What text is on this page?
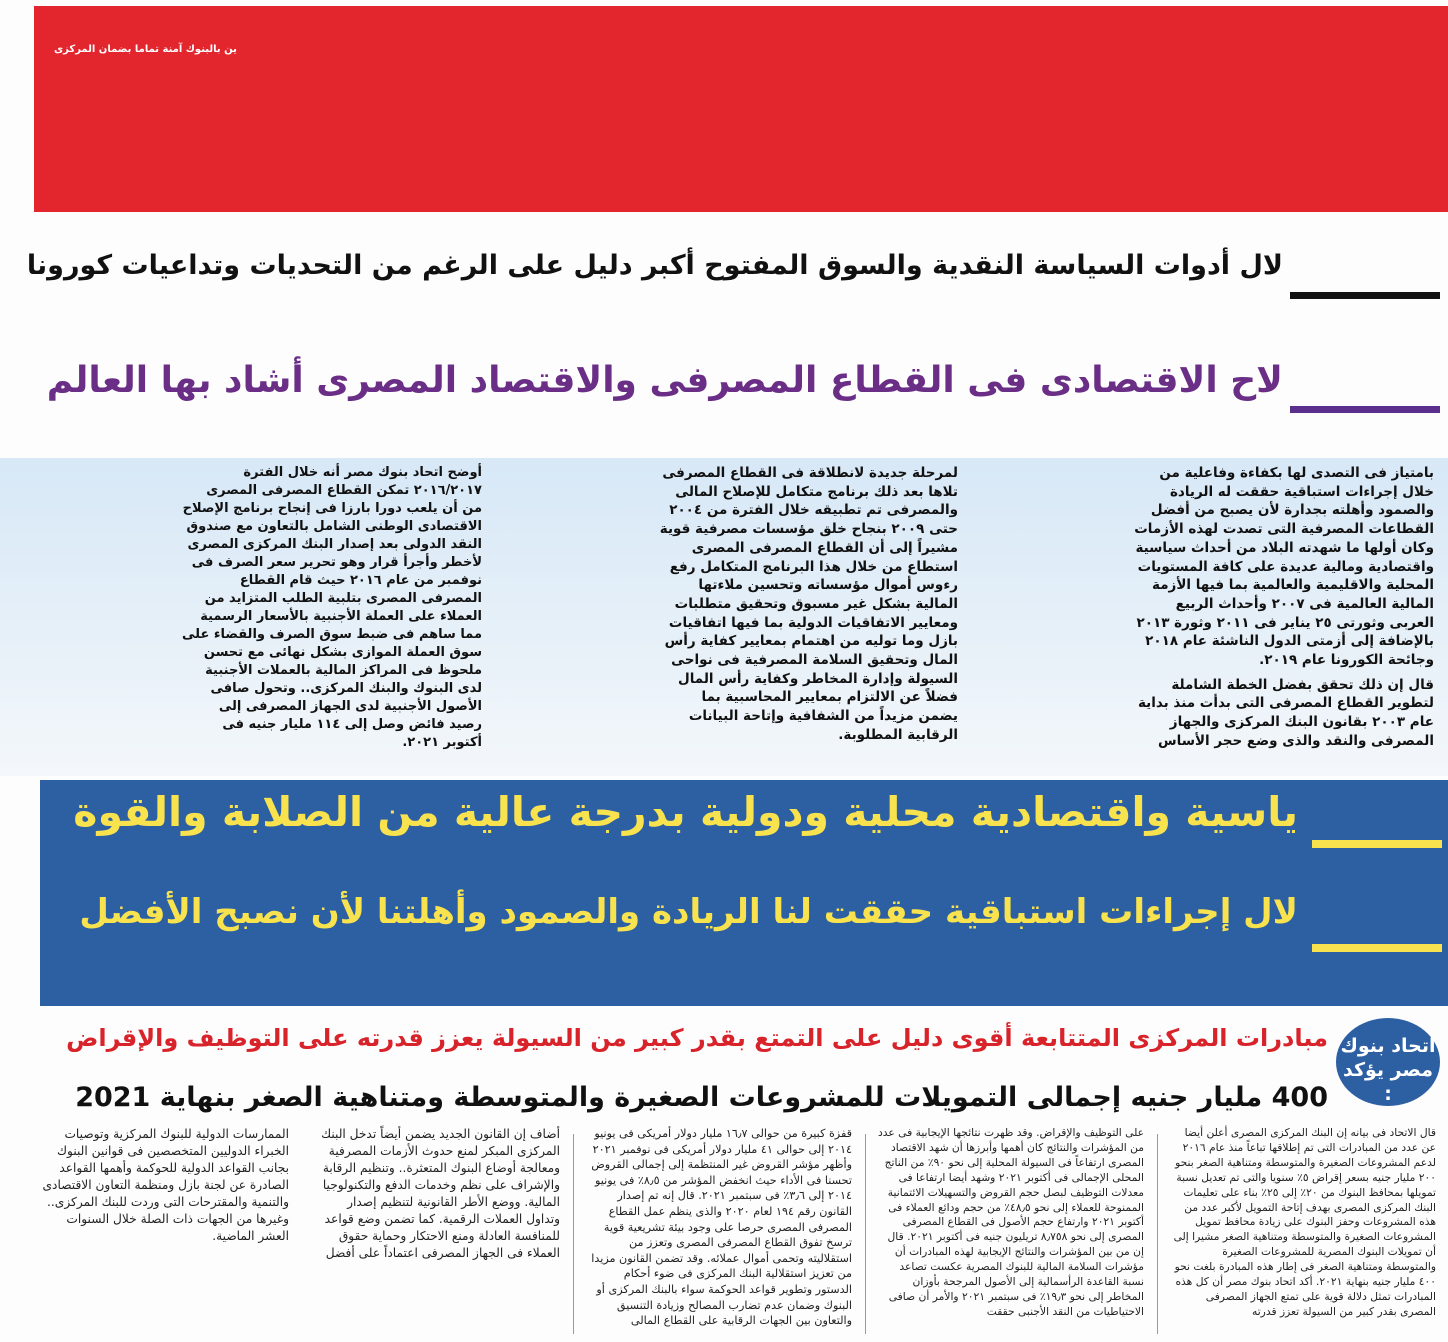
ين بالبنوك آمنة تماما بضمان المركزى
لال أدوات السياسة النقدية والسوق المفتوح أكبر دليل على الرغم من التحديات وتداعيات كورونا
لاح الاقتصادى فى القطاع المصرفى والاقتصاد المصرى أشاد بها العالم

بامتياز فى التصدى لها بكفاءة وفاعلية من خلال إجراءات استباقية حققت له الريادة والصمود وأهلته بجدارة لأن يصبح من أفضل القطاعات المصرفية التى تصدت لهذه الأزمات وكان أولها ما شهدته البلاد من أحداث سياسية واقتصادية ومالية عديدة على كافة المستويات المحلية والاقليمية والعالمية بما فيها الأزمة المالية العالمية فى ٢٠٠٧ وأحداث الربيع العربى وثورتى ٢٥ يناير فى ٢٠١١ وثورة ٢٠١٣ بالإضافة إلى أزمتى الدول الناشئة عام ٢٠١٨ وجائحة الكورونا عام ٢٠١٩.

قال إن ذلك تحقق بفضل الخطة الشاملة لتطوير القطاع المصرفى التى بدأت منذ بداية عام ٢٠٠٣ بقانون البنك المركزى والجهاز المصرفى والنقد والذى وضع حجر الأساس

لمرحلة جديدة لانطلاقة فى القطاع المصرفى تلاها بعد ذلك برنامج متكامل للإصلاح المالى والمصرفى تم تطبيقه خلال الفترة من ٢٠٠٤ حتى ٢٠٠٩ بنجاح خلق مؤسسات مصرفية قوية مشيراً إلى أن القطاع المصرفى المصرى استطاع من خلال هذا البرنامج المتكامل رفع رءوس أموال مؤسساته وتحسين ملاءتها المالية بشكل غير مسبوق وتحقيق متطلبات ومعايير الاتفاقيات الدولية بما فيها اتفاقيات بازل وما توليه من اهتمام بمعايير كفاية رأس المال وتحقيق السلامة المصرفية فى نواحى السيولة وإدارة المخاطر وكفاية رأس المال فضلاً عن الالتزام بمعايير المحاسبية بما يضمن مزيداً من الشفافية وإتاحة البيانات الرقابية المطلوبة.

أوضح اتحاد بنوك مصر أنه خلال الفترة ٢٠١٦/٢٠١٧ تمكن القطاع المصرفى المصرى من أن يلعب دورا بارزا فى إنجاح برنامج الإصلاح الاقتصادى الوطنى الشامل بالتعاون مع صندوق النقد الدولى بعد إصدار البنك المركزى المصرى لأخطر وأجرأ قرار وهو تحرير سعر الصرف فى نوفمبر من عام ٢٠١٦ حيث قام القطاع المصرفى المصرى بتلبية الطلب المتزايد من العملاء على العملة الأجنبية بالأسعار الرسمية مما ساهم فى ضبط سوق الصرف والقضاء على سوق العملة الموازى بشكل نهائى مع تحسن ملحوظ فى المراكز المالية بالعملات الأجنبية لدى البنوك والبنك المركزى.. وتحول صافى الأصول الأجنبية لدى الجهاز المصرفى إلى رصيد فائض وصل إلى ١١٤ مليار جنيه فى أكتوبر ٢٠٢١.

ياسية واقتصادية محلية ودولية بدرجة عالية من الصلابة والقوة
لال إجراءات استباقية حققت لنا الريادة والصمود وأهلتنا لأن نصبح الأفضل
اتحاد بنوك
مصر يؤكد :
مبادرات المركزى المتتابعة أقوى دليل على التمتع بقدر كبير من السيولة يعزز قدرته على التوظيف والإقراض
400 مليار جنيه إجمالى التمويلات للمشروعات الصغيرة والمتوسطة ومتناهية الصغر بنهاية 2021
قال الاتحاد فى بيانه إن البنك المركزى المصرى أعلن أيضا عن عدد من المبادرات التى تم إطلاقها تباعاً منذ عام ٢٠١٦ لدعم المشروعات الصغيرة والمتوسطة ومتناهية الصغر بنحو ٢٠٠ مليار جنيه بسعر إقراض ٥٪ سنويا والتى تم تعديل نسبة تمويلها بمحافظ البنوك من ٢٠٪ إلى ٢٥٪ بناء على تعليمات البنك المركزى المصرى بهدف إتاحة التمويل لأكبر عدد من هذه المشروعات وحفز البنوك على زيادة محافظ تمويل المشروعات الصغيرة والمتوسطة ومتناهية الصغر مشيرا إلى أن تمويلات البنوك المصرية للمشروعات الصغيرة والمتوسطة ومتناهية الصغر فى إطار هذه المبادرة بلغت نحو ٤٠٠ مليار جنيه بنهاية ٢٠٢١. أكد اتحاد بنوك مصر أن كل هذه المبادرات تمثل دلالة قوية على تمتع الجهاز المصرفى المصرى بقدر كبير من السيولة تعزز قدرته
على التوظيف والإقراض. وقد ظهرت نتائجها الإيجابية فى عدد من المؤشرات والنتائج كان أهمها وأبرزها أن شهد الاقتصاد المصرى ارتفاعاً فى السيولة المحلية إلى نحو ٩٠٪ من الناتج المحلى الإجمالى فى أكتوبر ٢٠٢١ وشهد أيضا ارتفاعا فى معدلات التوظيف لبصل حجم القروض والتسهيلات الائتمانية الممنوحة للعملاء إلى نحو ٤٨٫٥٪ من حجم ودائع العملاء فى أكتوبر ٢٠٢١ وارتفاع حجم الأصول فى القطاع المصرفى المصرى إلى نحو ٨٫٧٥٨ تريليون جنيه فى أكتوبر ٢٠٢١. قال إن من بين المؤشرات والنتائج الإيجابية لهذه المبادرات أن مؤشرات السلامة المالية للبنوك المصرية عكست تصاعد نسبة القاعدة الرأسمالية إلى الأصول المرجحة بأوزان المخاطر إلى نحو ١٩٫٣٪ فى سبتمبر ٢٠٢١ والأمر أن صافى الاحتياطيات من النقد الأجنبى حققت
قفزة كبيرة من حوالى ١٦٫٧ مليار دولار أمريكى فى يونيو ٢٠١٤ إلى حوالى ٤١ مليار دولار أمريكى فى نوفمبر ٢٠٢١ وأظهر مؤشر القروض غير المنتظمة إلى إجمالى القروض تحسنا فى الأداء حيث انخفض المؤشر من ٨٫٥٪ فى يونيو ٢٠١٤ إلى ٣٫٦٪ فى سبتمبر ٢٠٢١. قال إنه تم إصدار القانون رقم ١٩٤ لعام ٢٠٢٠ والذى ينظم عمل القطاع المصرفى المصرى حرصا على وجود بيئة تشريعية قوية ترسخ تفوق القطاع المصرفى المصرى وتعزز من استقلاليته وتحمى أموال عملائه. وقد تضمن القانون مزيدا من تعزيز استقلالية البنك المركزى فى ضوء أحكام الدستور وتطوير قواعد الحوكمة سواء بالبنك المركزى أو البنوك وضمان عدم تضارب المصالح وزيادة التنسيق والتعاون بين الجهات الرقابية على القطاع المالى
أضاف إن القانون الجديد يضمن أيضاً تدخل البنك المركزى المبكر لمنع حدوث الأزمات المصرفية ومعالجة أوضاع البنوك المتعثرة.. وتنظيم الرقابة والإشراف على نظم وخدمات الدفع والتكنولوجيا المالية. ووضع الأطر القانونية لتنظيم إصدار وتداول العملات الرقمية. كما تضمن وضع قواعد للمنافسة العادلة ومنع الاحتكار وحماية حقوق العملاء فى الجهاز المصرفى اعتماداً على أفضل الممارسات الدولية للبنوك المركزية وتوصيات الخبراء الدوليين المتخصصين فى قوانين البنوك بجانب القواعد الدولية للحوكمة وأهمها القواعد الصادرة عن لجنة بازل ومنظمة التعاون الاقتصادى والتنمية والمقترحات التى وردت للبنك المركزى.. وغيرها من الجهات ذات الصلة خلال السنوات العشر الماضية.
